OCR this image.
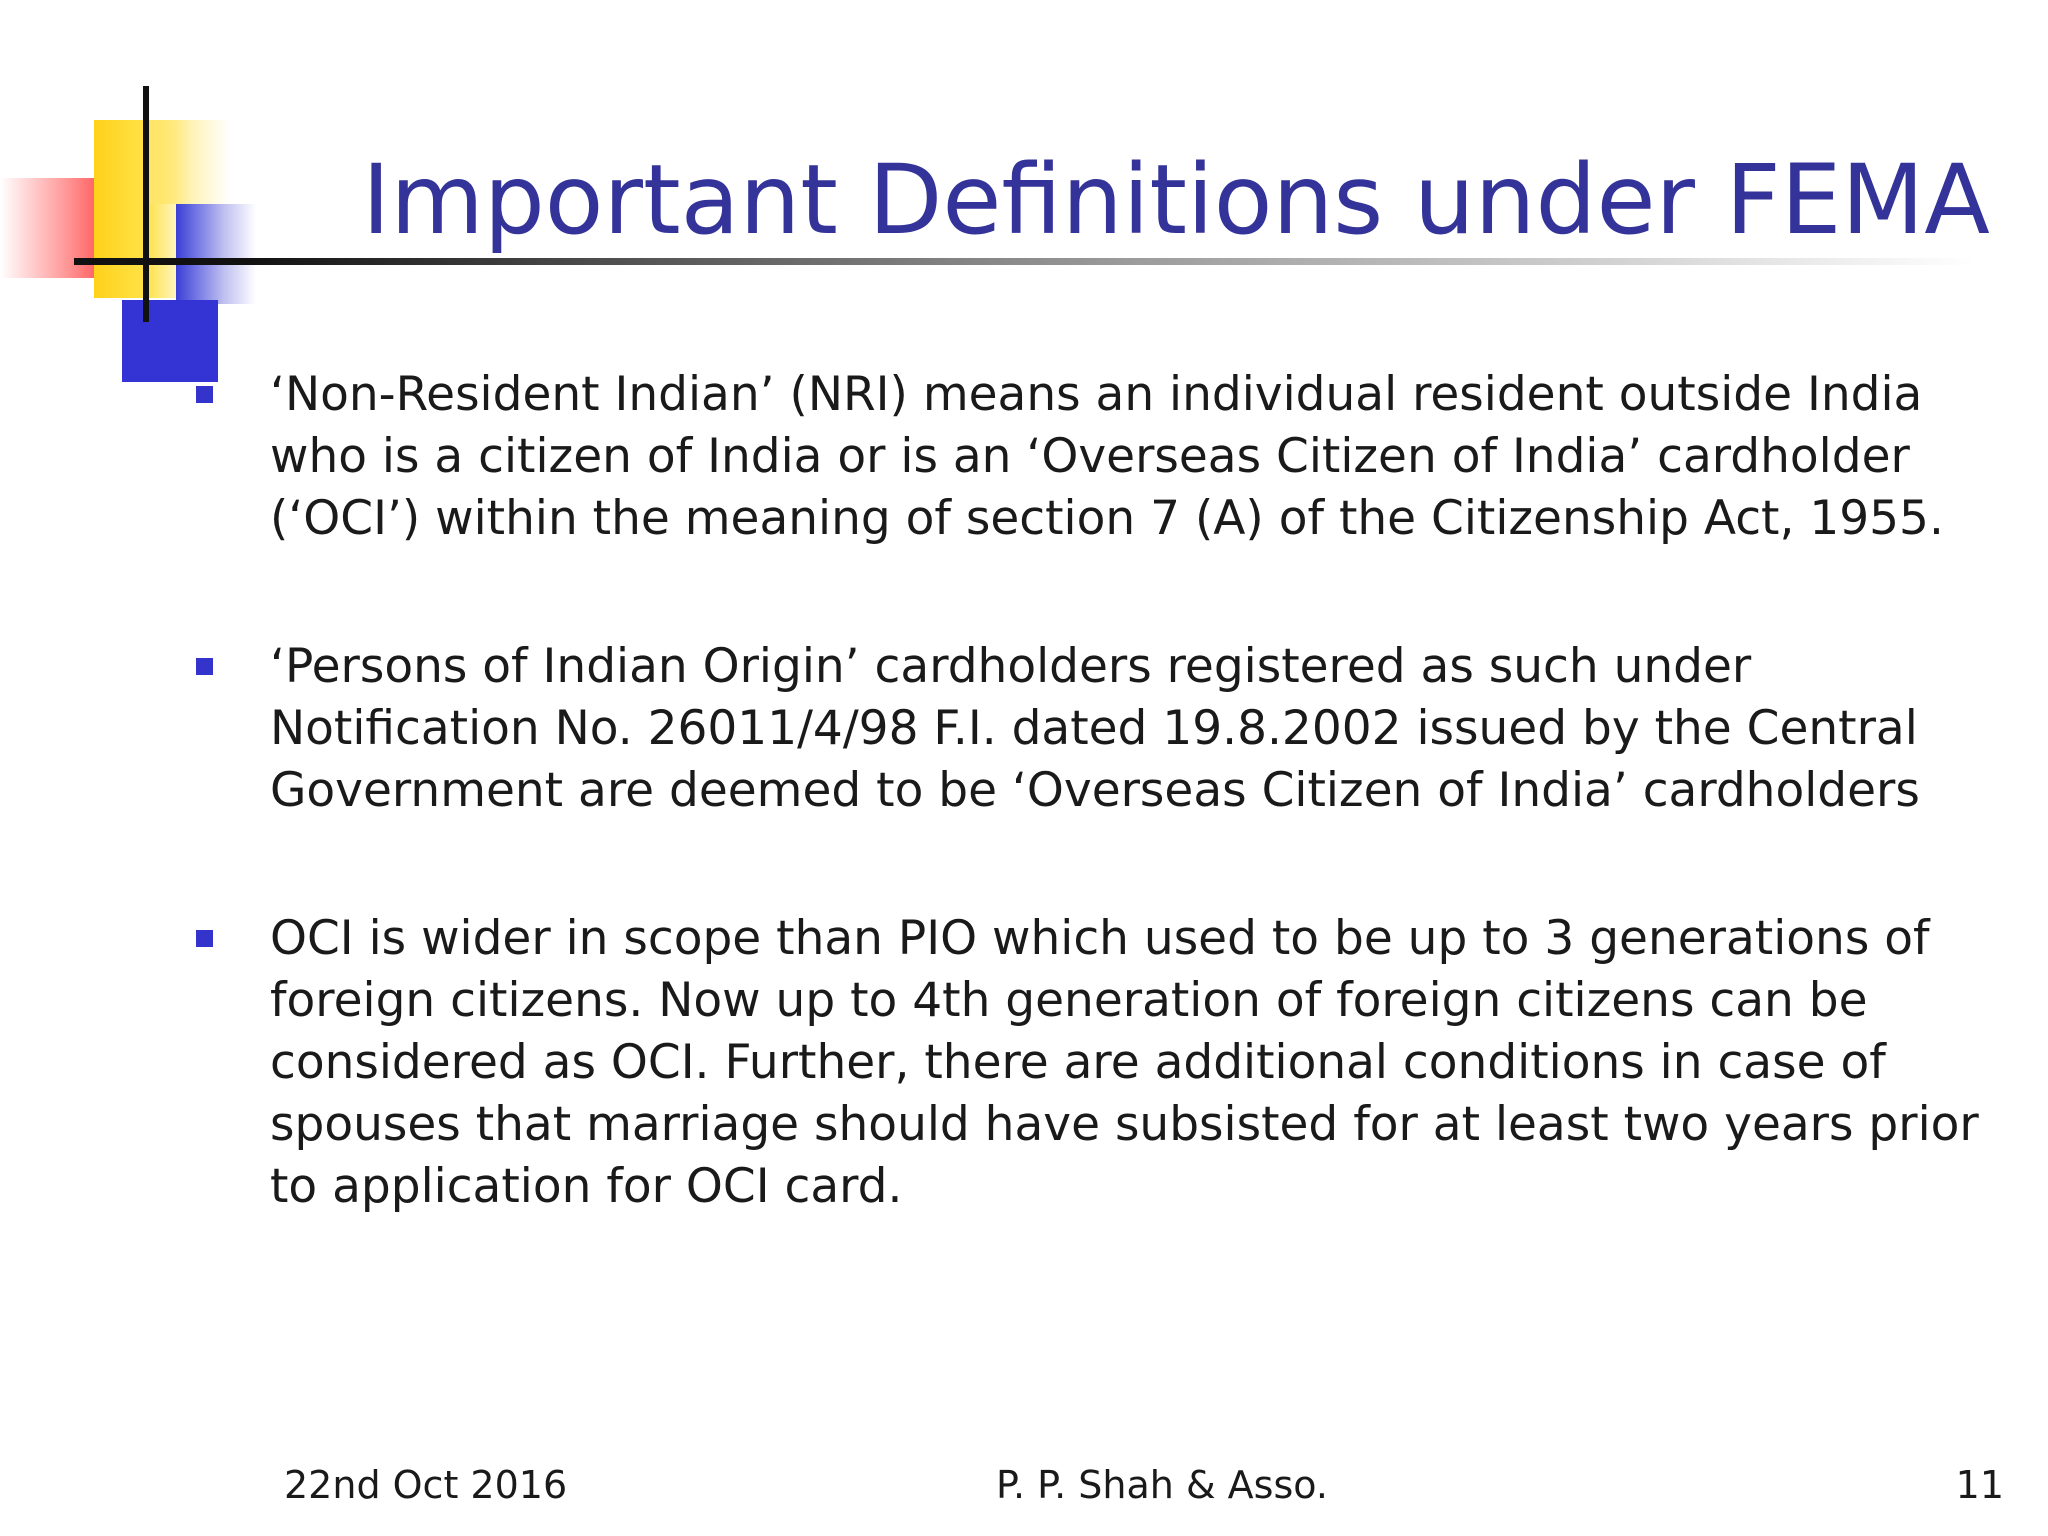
Important Definitions under FEMA
‘Non-Resident Indian’ (NRI) means an individual resident outside India who is a citizen of India or is an ‘Overseas Citizen of India’ cardholder (‘OCI’) within the meaning of section 7 (A) of the Citizenship Act, 1955.
‘Persons of Indian Origin’ cardholders registered as such under Notification No. 26011/4/98 F.I. dated 19.8.2002 issued by the Central Government are deemed to be ‘Overseas Citizen of India’ cardholders
OCI is wider in scope than PIO which used to be up to 3 generations of foreign citizens. Now up to 4th generation of foreign citizens can be considered as OCI. Further, there are additional conditions in case of spouses that marriage should have subsisted for at least two years prior to application for OCI card.
22nd Oct 2016	P. P. Shah & Asso.	11
